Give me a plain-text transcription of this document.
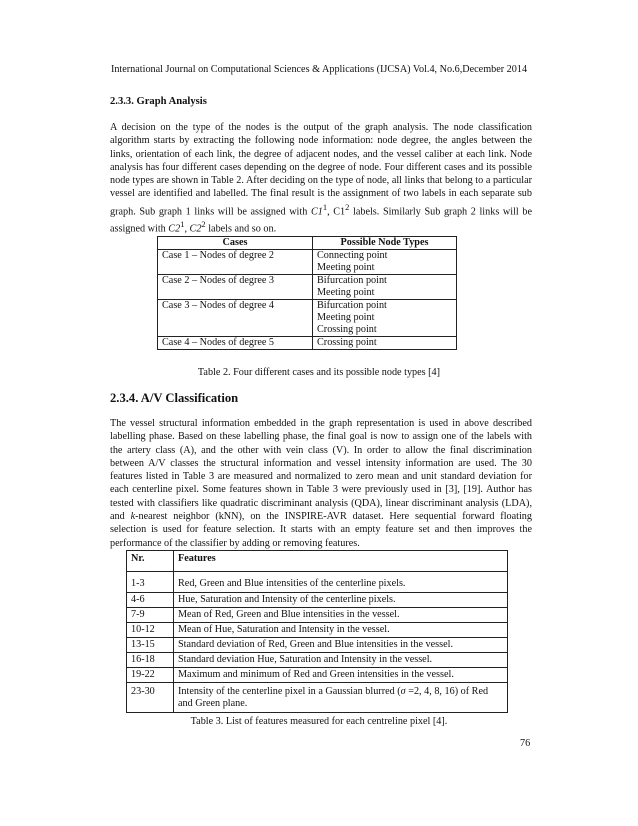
International Journal on Computational Sciences & Applications (IJCSA) Vol.4, No.6,December 2014
2.3.3. Graph Analysis
A decision on the type of the nodes is the output of the graph analysis. The node classification algorithm starts by extracting the following node information: node degree, the angles between the links, orientation of each link, the degree of adjacent nodes, and the vessel caliber at each link. Node analysis has four different cases depending on the degree of node. Four different cases and its possible node types are shown in Table 2. After deciding on the type of node, all links that belong to a particular vessel are identified and labelled. The final result is the assignment of two labels in each separate sub graph. Sub graph 1 links will be assigned with $C1^1$, $C1^2$ labels. Similarly Sub graph 2 links will be assigned with $C2^1$, $C2^2$ labels and so on.
Cases	Possible Node Types
Case 1 – Nodes of degree 2	Connecting point
Meeting point

Case 2 – Nodes of degree 3	Bifurcation point
Meeting point

Case 3 – Nodes of degree 4	Bifurcation point
Meeting point
Crossing point

Case 4 – Nodes of degree 5	Crossing point
Table 2. Four different cases and its possible node types [4]
2.3.4. A/V Classification
The vessel structural information embedded in the graph representation is used in above described labelling phase. Based on these labelling phase, the final goal is now to assign one of the labels with the artery class (A), and the other with vein class (V). In order to allow the final discrimination between A/V classes the structural information and vessel intensity information are used. The 30 features listed in Table 3 are measured and normalized to zero mean and unit standard deviation for each centerline pixel. Some features shown in Table 3 were previously used in [3], [19]. Author has tested with classifiers like quadratic discriminant analysis (QDA), linear discriminant analysis (LDA), and k-nearest neighbor (kNN), on the INSPIRE-AVR dataset. Here sequential forward floating selection is used for feature selection. It starts with an empty feature set and then improves the performance of the classifier by adding or removing features.
Nr.	Features
1-3	Red, Green and Blue intensities of the centerline pixels.
4-6	Hue, Saturation and Intensity of the centerline pixels.
7-9	Mean of Red, Green and Blue intensities in the vessel.
10-12	Mean of Hue, Saturation and Intensity in the vessel.
13-15	Standard deviation of Red, Green and Blue intensities in the vessel.
16-18	Standard deviation Hue, Saturation and Intensity in the vessel.
19-22	Maximum and minimum of Red and Green intensities in the vessel.
23-30	Intensity of the centerline pixel in a Gaussian blurred (σ =2, 4, 8, 16) of Red and Green plane.
Table 3. List of features measured for each centreline pixel [4].
76
